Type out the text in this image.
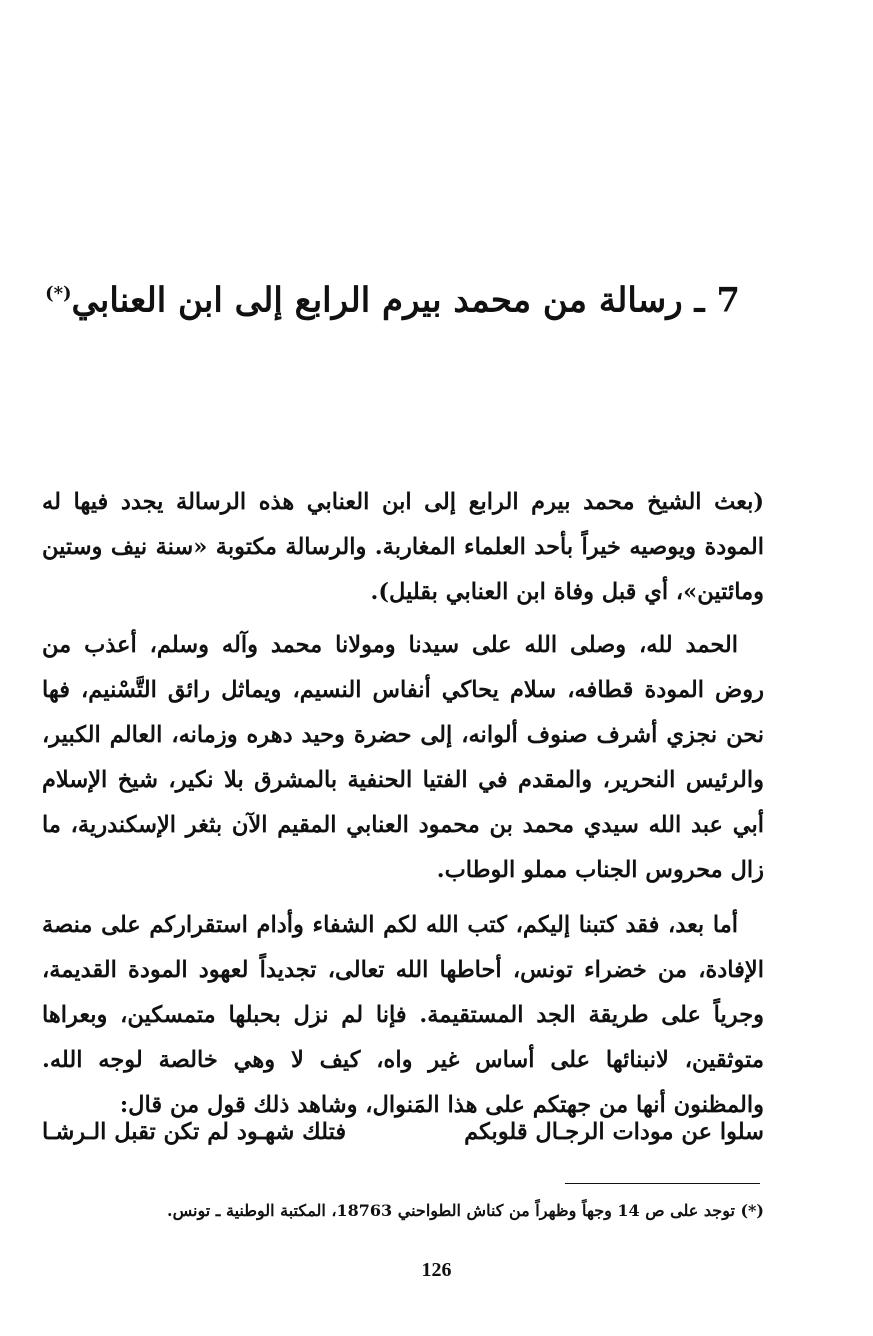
7 ـ رسالة من محمد بيرم الرابع إلى ابن العنابي(*)

(بعث الشيخ محمد بيرم الرابع إلى ابن العنابي هذه الرسالة يجدد فيها له المودة ويوصيه خيراً بأحد العلماء المغاربة. والرسالة مكتوبة «سنة نيف وستين ومائتين»، أي قبل وفاة ابن العنابي بقليل).

الحمد لله، وصلى الله على سيدنا ومولانا محمد وآله وسلم، أعذب من روض المودة قطافه، سلام يحاكي أنفاس النسيم، ويماثل رائق التَّسْنيم، فها نحن نجزي أشرف صنوف ألوانه، إلى حضرة وحيد دهره وزمانه، العالم الكبير، والرئيس النحرير، والمقدم في الفتيا الحنفية بالمشرق بلا نكير، شيخ الإسلام أبي عبد الله سيدي محمد بن محمود العنابي المقيم الآن بثغر الإسكندرية، ما زال محروس الجناب مملو الوطاب.

أما بعد، فقد كتبنا إليكم، كتب الله لكم الشفاء وأدام استقراركم على منصة الإفادة، من خضراء تونس، أحاطها الله تعالى، تجديداً لعهود المودة القديمة، وجرياً على طريقة الجد المستقيمة. فإنا لم نزل بحبلها متمسكين، وبعراها متوثقين، لانبنائها على أساس غير واه، كيف لا وهي خالصة لوجه الله. والمظنون أنها من جهتكم على هذا المَنوال، وشاهد ذلك قول من قال:

سلوا عن مودات الرجـال قلوبكم
فتلك شهـود لم تكن تقبل الـرشـا
(*) توجد على ص 14 وجهاً وظهراً من كناش الطواحني 18763، المكتبة الوطنية ـ تونس.
126
